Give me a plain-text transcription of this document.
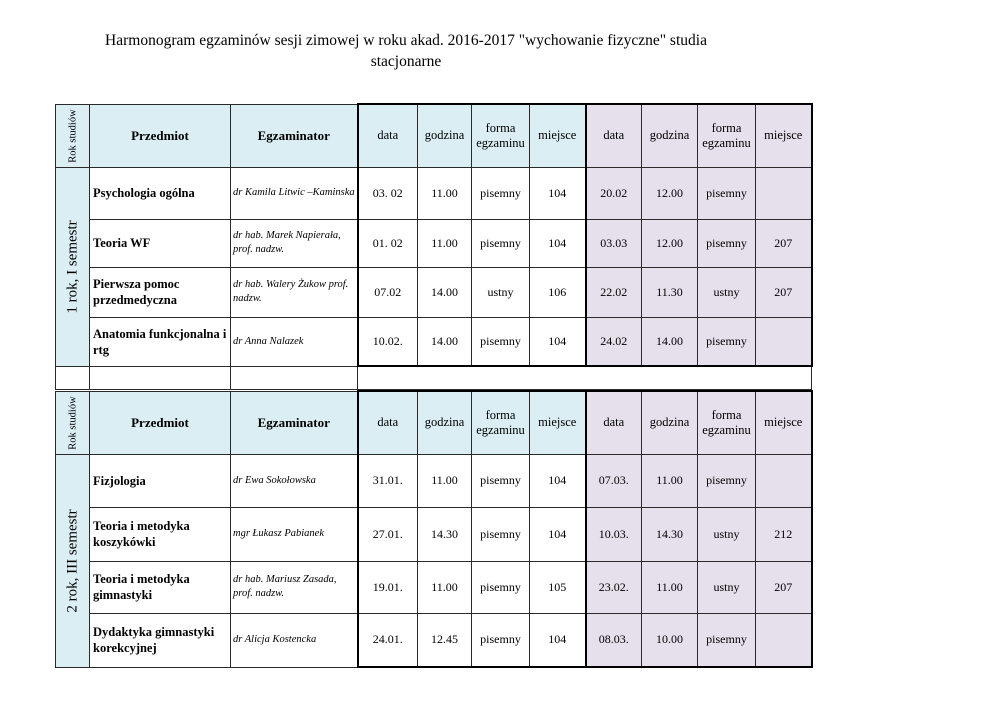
Harmonogram egzaminów sesji zimowej w roku akad. 2016-2017 "wychowanie fizyczne" studia
stacjonarne
Rok studiów	Przedmiot	Egzaminator	data	godzina	forma egzaminu	miejsce	data	godzina	forma egzaminu	miejsce

1 rok, I semestr	Psychologia ogólna	dr Kamila Litwic –Kaminska	03. 02	11.00	pisemny	104	20.02	12.00	pisemny	
	Teoria WF	dr hab. Marek Napierała, prof. nadzw.	01. 02	11.00	pisemny	104	03.03	12.00	pisemny	207
	Pierwsza pomoc przedmedyczna	dr hab. Walery Żukow prof. nadzw.	07.02	14.00	ustny	106	22.02	11.30	ustny	207
	Anatomia funkcjonalna i rtg	dr Anna Nalazek	10.02.	14.00	pisemny	104	24.02	14.00	pisemny	

Rok studiów	Przedmiot	Egzaminator	data	godzina	forma egzaminu	miejsce	data	godzina	forma egzaminu	miejsce

2 rok, III semestr	Fizjologia	dr Ewa Sokołowska	31.01.	11.00	pisemny	104	07.03.	11.00	pisemny	
	Teoria i metodyka koszykówki	mgr Łukasz Pabianek	27.01.	14.30	pisemny	104	10.03.	14.30	ustny	212
	Teoria i metodyka gimnastyki	dr hab. Mariusz Zasada, prof. nadzw.	19.01.	11.00	pisemny	105	23.02.	11.00	ustny	207
	Dydaktyka gimnastyki korekcyjnej	dr Alicja Kostencka	24.01.	12.45	pisemny	104	08.03.	10.00	pisemny	
